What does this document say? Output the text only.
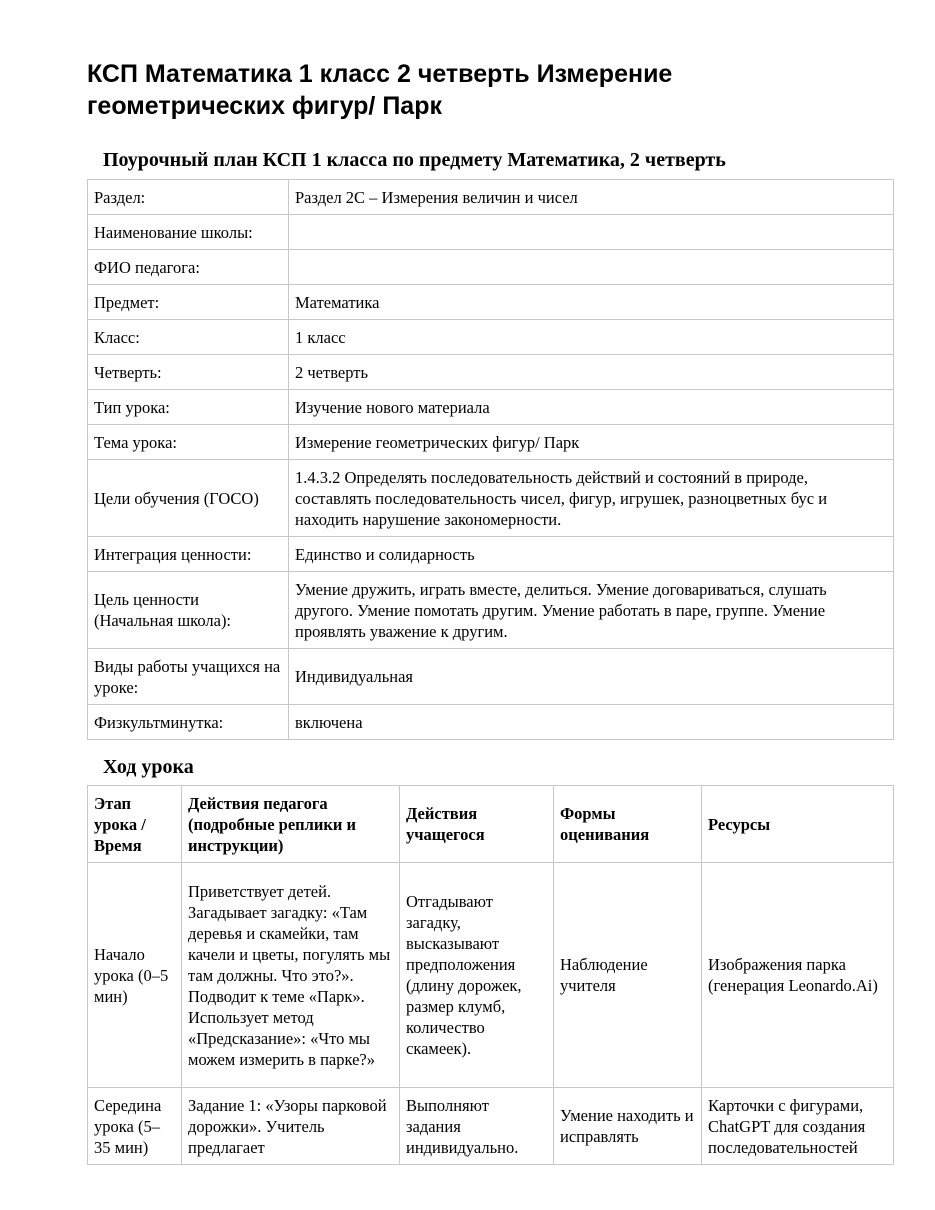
КСП Математика 1 класс 2 четверть Измерение геометрических фигур/ Парк
Поурочный план КСП 1 класса по предмету Математика, 2 четверть
Раздел:	Раздел 2С – Измерения величин и чисел
Наименование школы:	
ФИО педагога:	
Предмет:	Математика
Класс:	1 класс
Четверть:	2 четверть
Тип урока:	Изучение нового материала
Тема урока:	Измерение геометрических фигур/ Парк
Цели обучения (ГОСО)	1.4.3.2 Определять последовательность действий и состояний в природе, составлять последовательность чисел, фигур, игрушек, разноцветных бус и находить нарушение закономерности.
Интеграция ценности:	Единство и солидарность
Цель ценности (Начальная школа):	Умение дружить, играть вместе, делиться. Умение договариваться, слушать другого. Умение помотать другим. Умение работать в паре, группе. Умение проявлять уважение к другим.
Виды работы учащихся на уроке:	Индивидуальная
Физкультминутка:	включена
Ход урока
Этап урока / Время	Действия педагога (подробные реплики и инструкции)	Действия учащегося	Формы оценивания	Ресурсы
Начало урока (0–5 мин)	Приветствует детей. Загадывает загадку: «Там деревья и скамейки, там качели и цветы, погулять мы там должны. Что это?». Подводит к теме «Парк». Использует метод «Предсказание»: «Что мы можем измерить в парке?»	Отгадывают загадку, высказывают предположения (длину дорожек, размер клумб, количество скамеек).	Наблюдение учителя	Изображения парка (генерация Leonardo.Ai)
Середина урока (5–35 мин)	Задание 1: «Узоры парковой дорожки». Учитель предлагает	Выполняют задания индивидуально.	Умение находить и исправлять	Карточки с фигурами, ChatGPT для создания последовательностей
